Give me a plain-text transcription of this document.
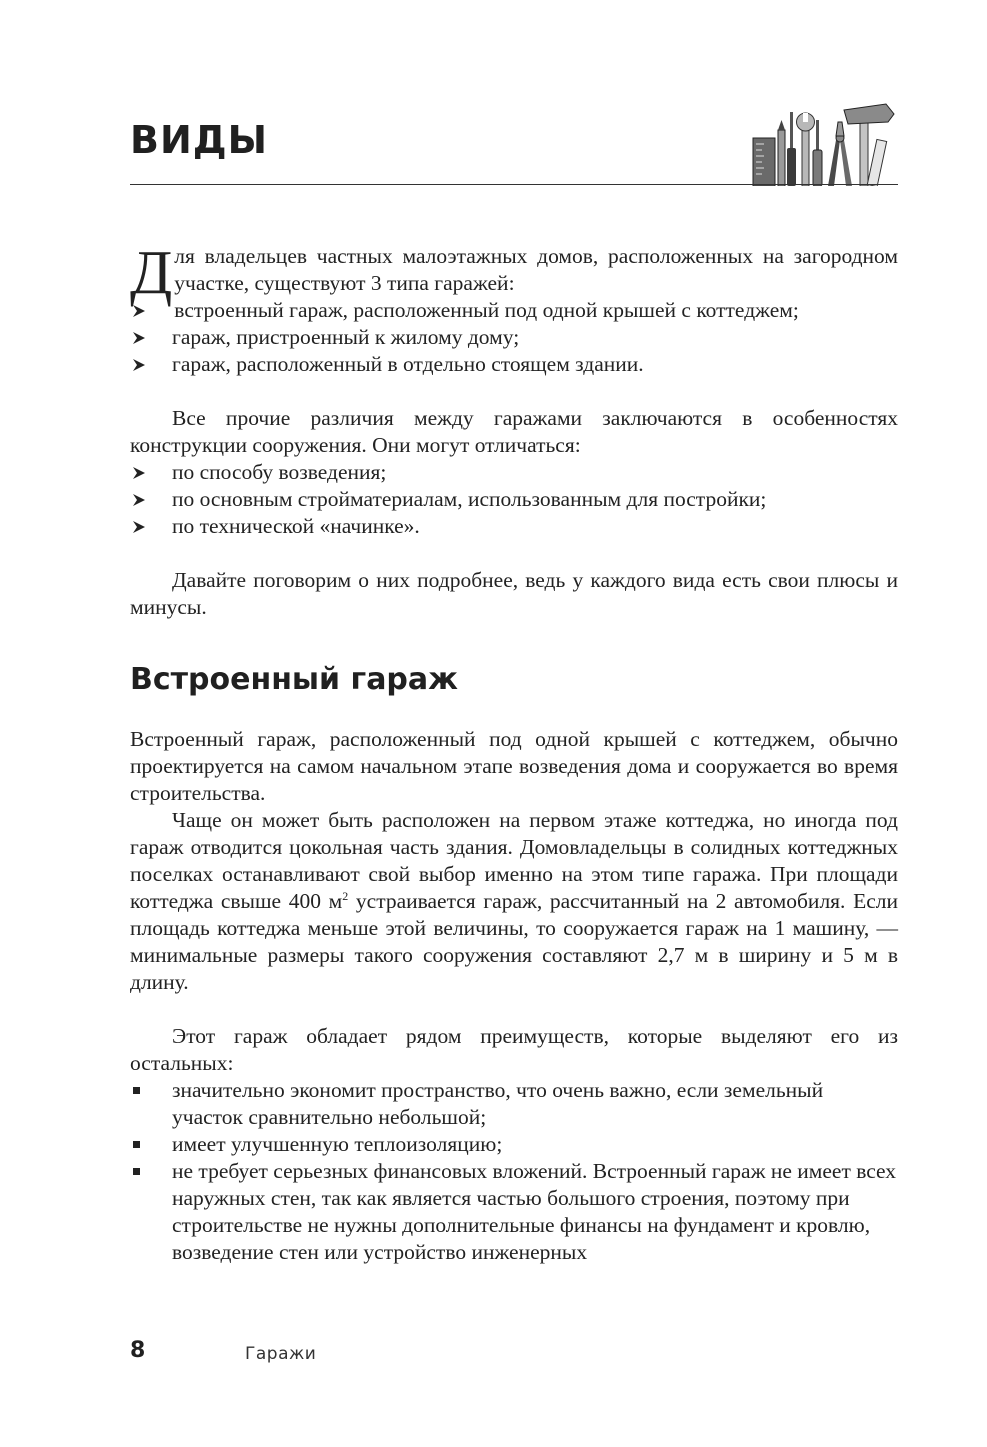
ВИДЫ

Для владельцев частных малоэтажных домов, расположенных на загородном участке, существуют 3 типа гаражей:

встроенный гараж, расположенный под одной крышей с коттеджем;
гараж, пристроенный к жилому дому;
гараж, расположенный в отдельно стоящем здании.

Все прочие различия между гаражами заключаются в особенностях конструкции сооружения. Они могут отличаться:

по способу возведения;
по основным стройматериалам, использованным для постройки;
по технической «начинке».

Давайте поговорим о них подробнее, ведь у каждого вида есть свои плюсы и минусы.

Встроенный гараж

Встроенный гараж, расположенный под одной крышей с коттеджем, обычно проектируется на самом начальном этапе возведения дома и сооружается во время строительства.

Чаще он может быть расположен на первом этаже коттеджа, но иногда под гараж отводится цокольная часть здания. Домовладельцы в солидных коттеджных поселках останавливают свой выбор именно на этом типе гаража. При площади коттеджа свыше 400 $м^2$ устраивается гараж, рассчитанный на 2 автомобиля. Если площадь коттеджа меньше этой величины, то сооружается гараж на 1 машину, — минимальные размеры такого сооружения составляют 2,7 м в ширину и 5 м в длину.

Этот гараж обладает рядом преимуществ, которые выделяют его из остальных:

значительно экономит пространство, что очень важно, если земельный участок сравнительно небольшой;
имеет улучшенную теплоизоляцию;
не требует серьезных финансовых вложений. Встроенный гараж не имеет всех наружных стен, так как является частью большого строения, поэтому при строительстве не нужны дополнительные финансы на фундамент и кровлю, возведение стен или устройство инженерных
8	Гаражи
